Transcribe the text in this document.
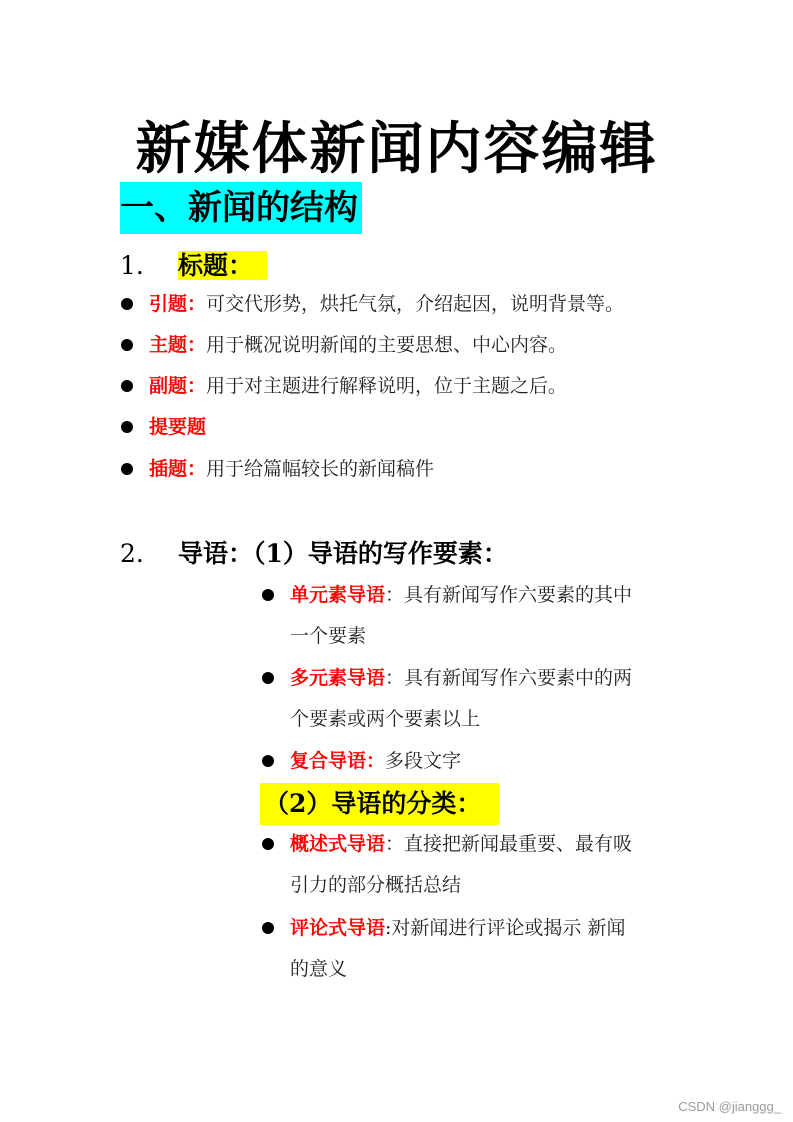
新媒体新闻内容编辑
一、新闻的结构
1. 标题：
引题：可交代形势，烘托气氛，介绍起因，说明背景等。
主题：用于概况说明新闻的主要思想、中心内容。
副题：用于对主题进行解释说明，位于主题之后。
提要题
插题：用于给篇幅较长的新闻稿件
2. 导语：（1）导语的写作要素：
单元素导语：具有新闻写作六要素的其中
一个要素
多元素导语：具有新闻写作六要素中的两
个要素或两个要素以上
复合导语：多段文字
（2）导语的分类：
概述式导语：直接把新闻最重要、最有吸
引力的部分概括总结
评论式导语:对新闻进行评论或揭示 新闻
的意义
CSDN @jianggg_
